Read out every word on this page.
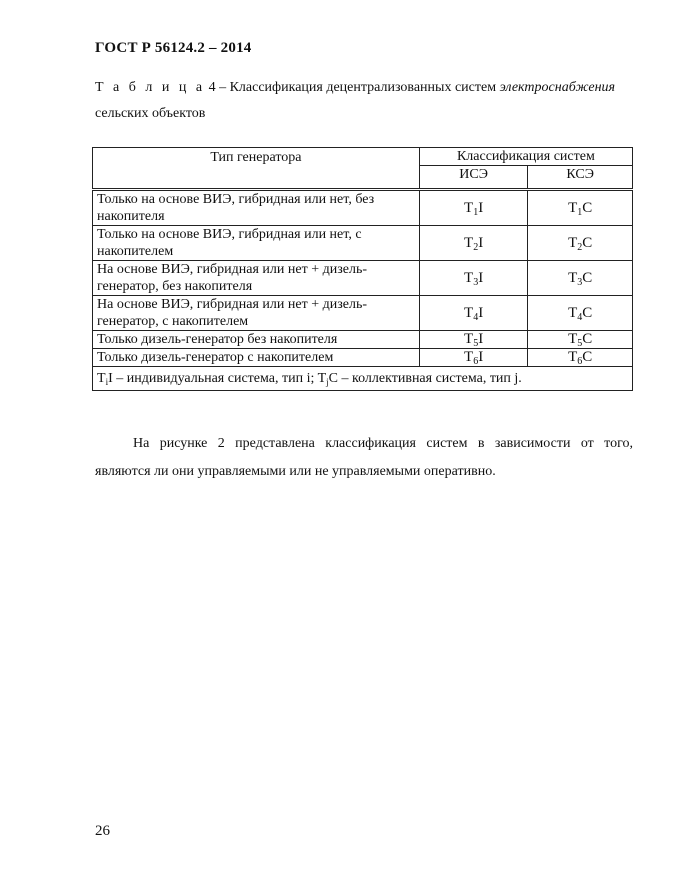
ГОСТ Р 56124.2 – 2014
Т а б л и ц а 4 – Классификация децентрализованных систем электроснабжения
сельских объектов
Тип генератора	Классификация систем	
	ИСЭ	КСЭ
Только на основе ВИЭ, гибридная или нет, без накопителя	$T_1I$	$T_1C$
Только на основе ВИЭ, гибридная или нет, с накопителем	$T_2I$	$T_2C$
На основе ВИЭ, гибридная или нет + дизель-генератор, без накопителя	$T_3I$	$T_3C$
На основе ВИЭ, гибридная или нет + дизель-генератор, с накопителем	$T_4I$	$T_4C$
Только дизель-генератор без накопителя	$T_5I$	$T_5C$
Только дизель-генератор с накопителем	$T_6I$	$T_6C$
$T_iI$ – индивидуальная система, тип i; $T_jC$ – коллективная система, тип j.		
На рисунке 2 представлена классификация систем в зависимости от того,
являются ли они управляемыми или не управляемыми оперативно.
26
